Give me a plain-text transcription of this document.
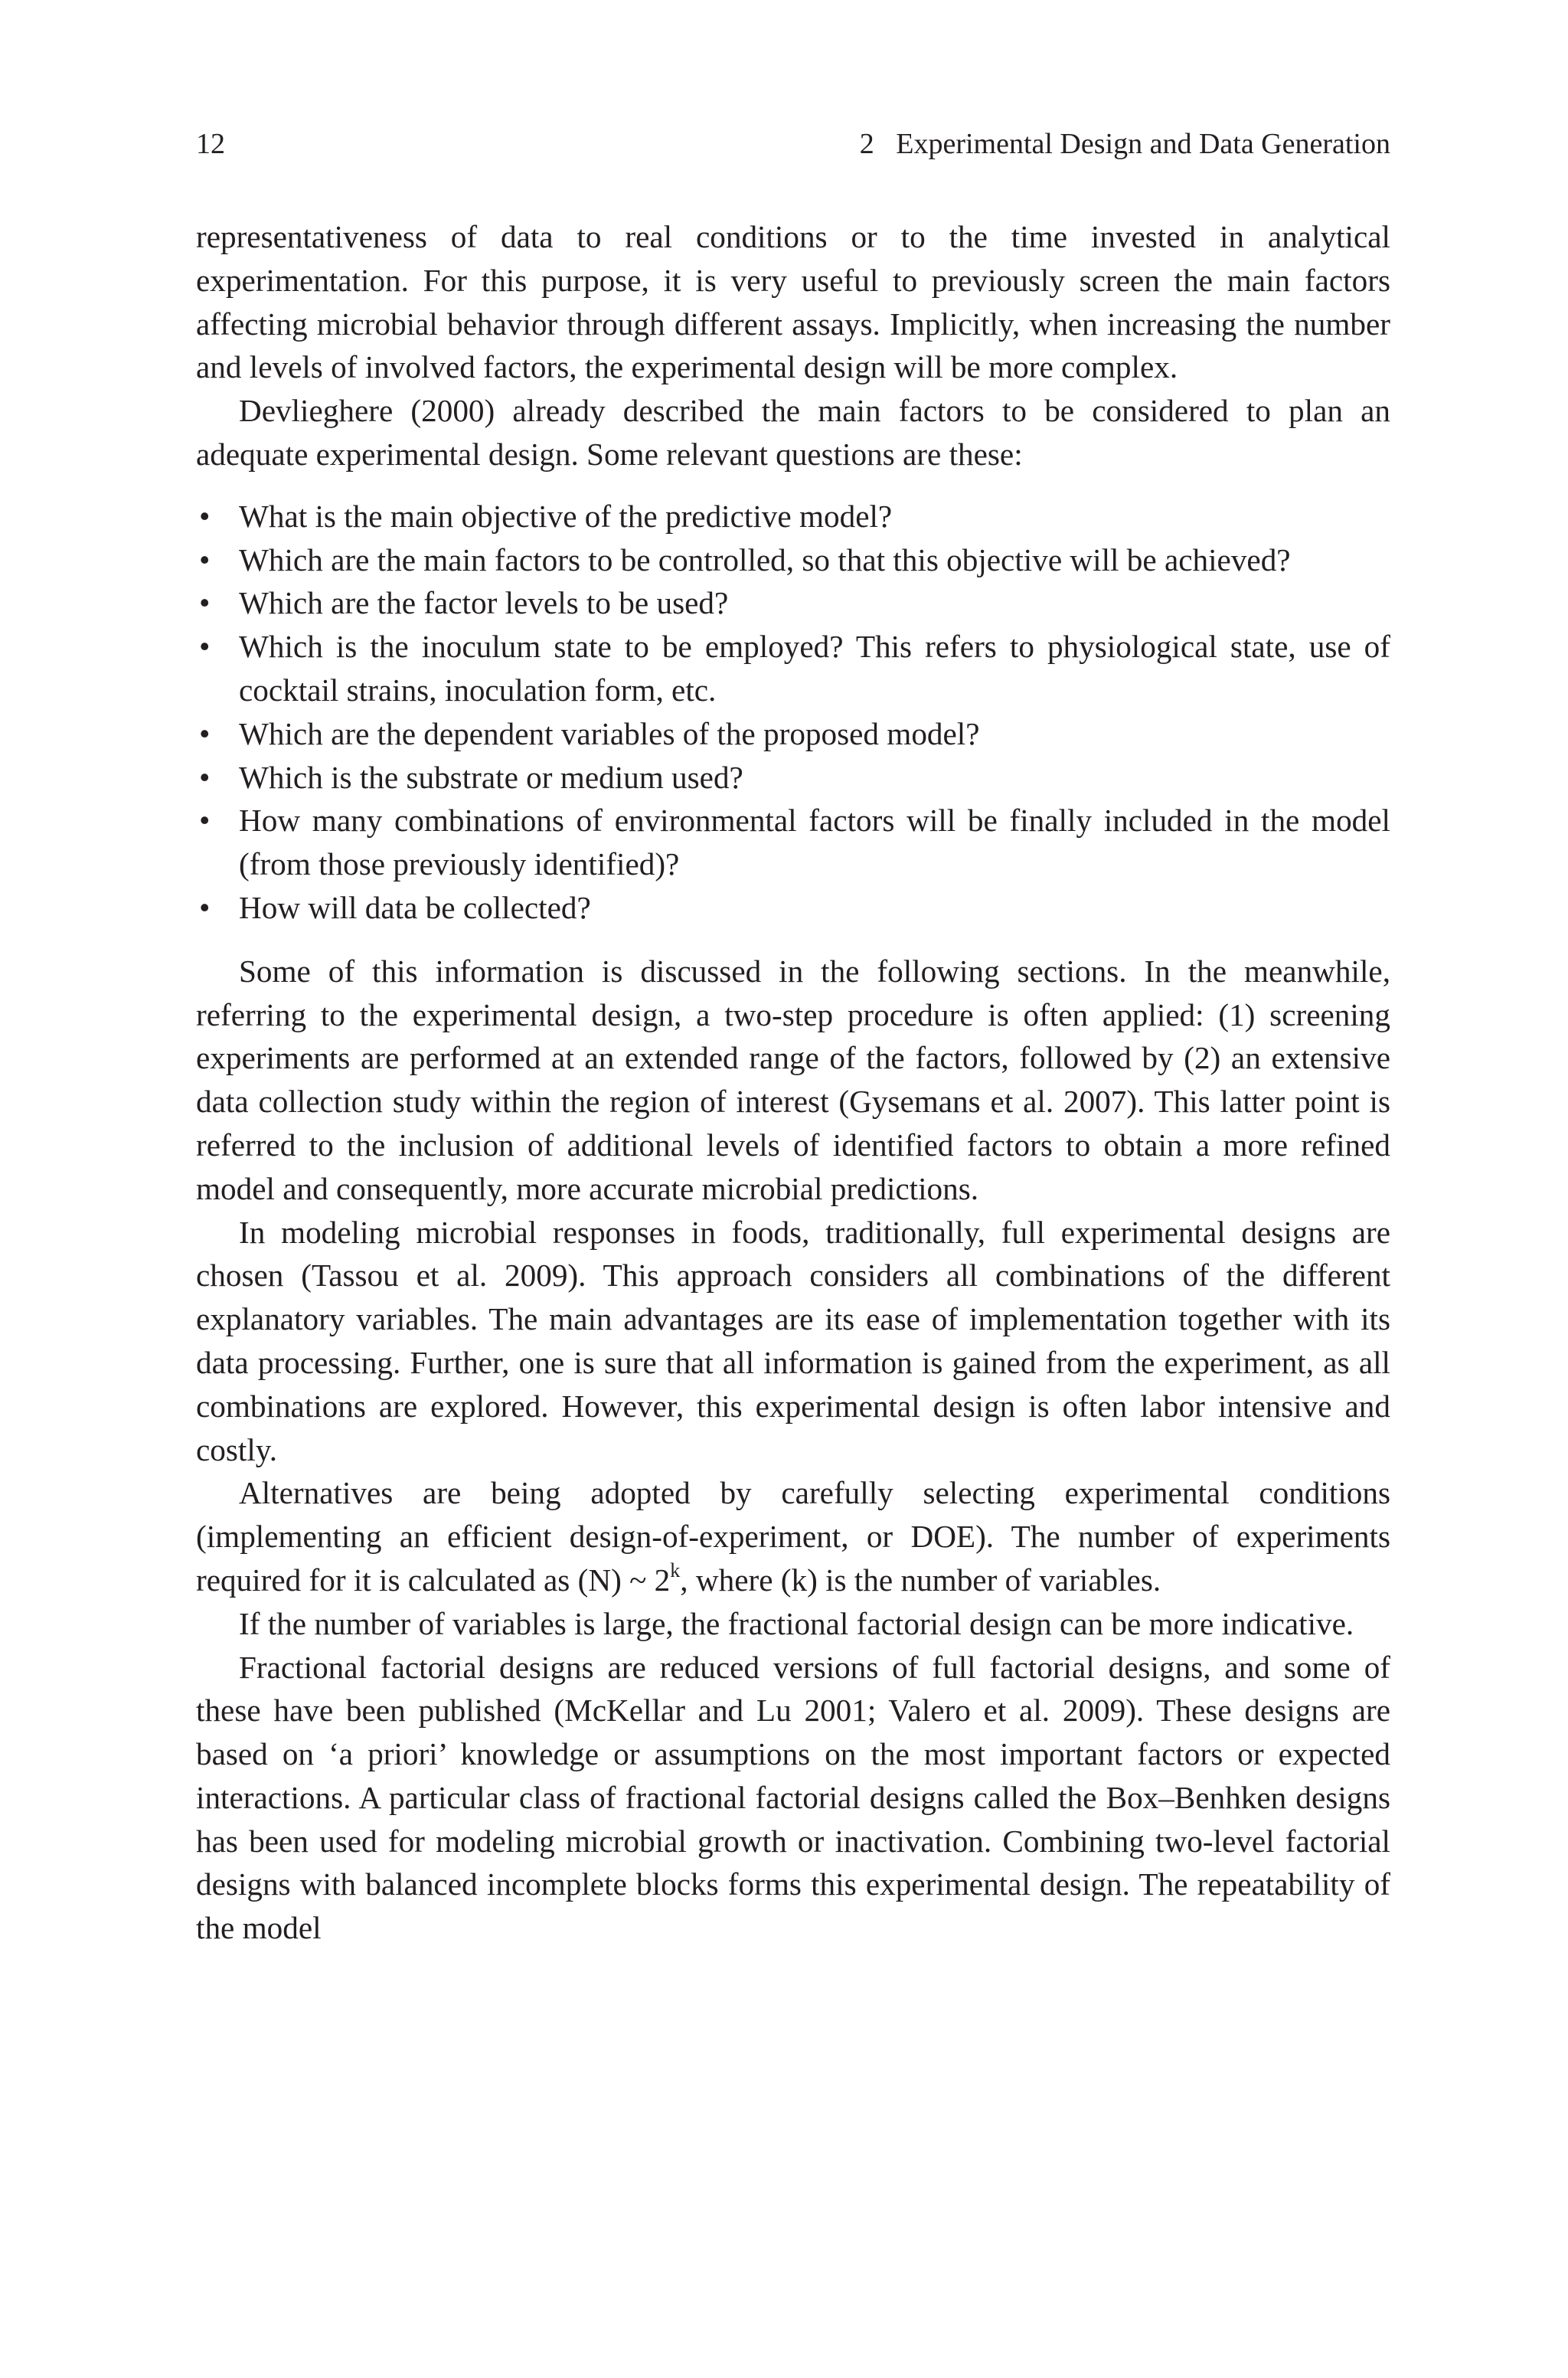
12	2   Experimental Design and Data Generation

representativeness of data to real conditions or to the time invested in analytical experimentation. For this purpose, it is very useful to previously screen the main factors affecting microbial behavior through different assays. Implicitly, when increasing the number and levels of involved factors, the experimental design will be more complex.

Devlieghere (2000) already described the main factors to be considered to plan an adequate experimental design. Some relevant questions are these:

• What is the main objective of the predictive model?
• Which are the main factors to be controlled, so that this objective will be achieved?
• Which are the factor levels to be used?
• Which is the inoculum state to be employed? This refers to physiological state, use of cocktail strains, inoculation form, etc.
• Which are the dependent variables of the proposed model?
• Which is the substrate or medium used?
• How many combinations of environmental factors will be finally included in the model (from those previously identified)?
• How will data be collected?

Some of this information is discussed in the following sections. In the meanwhile, referring to the experimental design, a two-step procedure is often applied: (1) screening experiments are performed at an extended range of the factors, followed by (2) an extensive data collection study within the region of interest (Gysemans et al. 2007). This latter point is referred to the inclusion of additional levels of identified factors to obtain a more refined model and consequently, more accurate microbial predictions.

In modeling microbial responses in foods, traditionally, full experimental designs are chosen (Tassou et al. 2009). This approach considers all combinations of the different explanatory variables. The main advantages are its ease of implementation together with its data processing. Further, one is sure that all information is gained from the experiment, as all combinations are explored. However, this experimental design is often labor intensive and costly.

Alternatives are being adopted by carefully selecting experimental conditions (implementing an efficient design-of-experiment, or DOE). The number of experiments required for it is calculated as (N) ~ 2$^k$, where (k) is the number of variables.

If the number of variables is large, the fractional factorial design can be more indicative.

Fractional factorial designs are reduced versions of full factorial designs, and some of these have been published (McKellar and Lu 2001; Valero et al. 2009). These designs are based on ‘a priori’ knowledge or assumptions on the most important factors or expected interactions. A particular class of fractional factorial designs called the Box–Benhken designs has been used for modeling microbial growth or inactivation. Combining two-level factorial designs with balanced incomplete blocks forms this experimental design. The repeatability of the model
